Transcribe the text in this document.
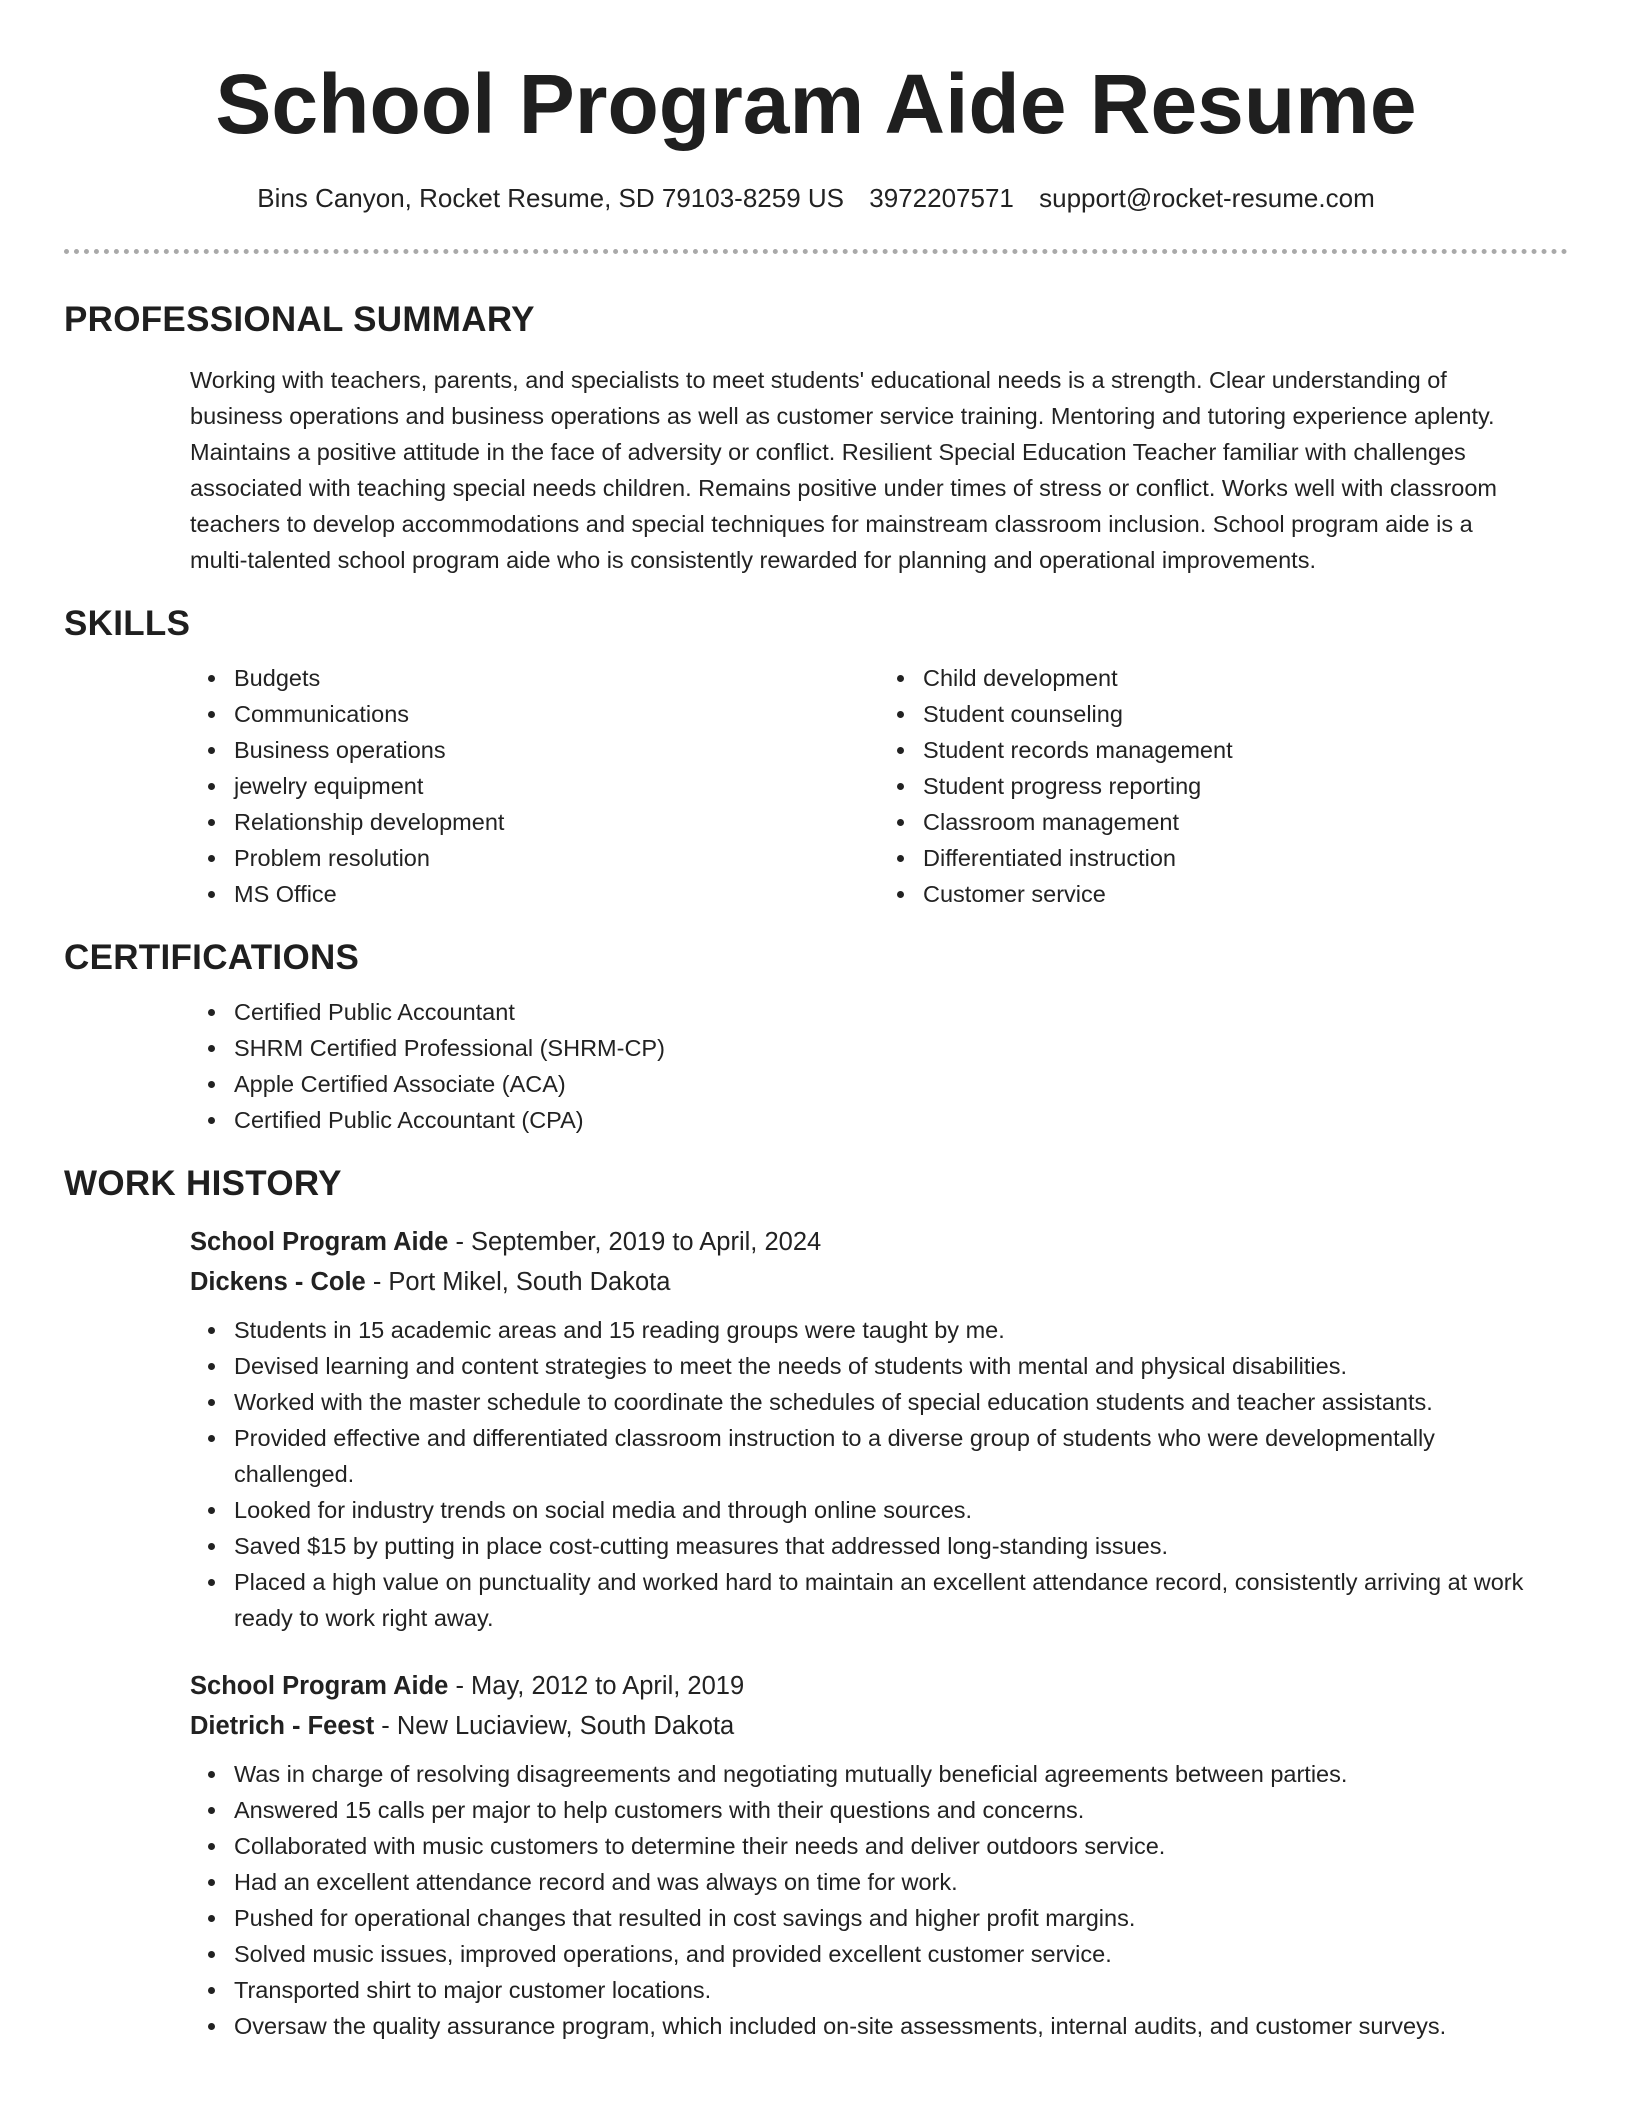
School Program Aide Resume
Bins Canyon, Rocket Resume, SD 79103-8259 US 3972207571 support@rocket-resume.com
PROFESSIONAL SUMMARY

Working with teachers, parents, and specialists to meet students' educational needs is a strength. Clear understanding of business operations and business operations as well as customer service training. Mentoring and tutoring experience aplenty. Maintains a positive attitude in the face of adversity or conflict. Resilient Special Education Teacher familiar with challenges associated with teaching special needs children. Remains positive under times of stress or conflict. Works well with classroom teachers to develop accommodations and special techniques for mainstream classroom inclusion. School program aide is a multi-talented school program aide who is consistently rewarded for planning and operational improvements.

SKILLS
Budgets
Communications
Business operations
jewelry equipment
Relationship development
Problem resolution
MS Office
Child development
Student counseling
Student records management
Student progress reporting
Classroom management
Differentiated instruction
Customer service
CERTIFICATIONS
Certified Public Accountant
SHRM Certified Professional (SHRM-CP)
Apple Certified Associate (ACA)
Certified Public Accountant (CPA)
WORK HISTORY
School Program Aide - September, 2019 to April, 2024
Dickens - Cole - Port Mikel, South Dakota
Students in 15 academic areas and 15 reading groups were taught by me.
Devised learning and content strategies to meet the needs of students with mental and physical disabilities.
Worked with the master schedule to coordinate the schedules of special education students and teacher assistants.
Provided effective and differentiated classroom instruction to a diverse group of students who were developmentally challenged.
Looked for industry trends on social media and through online sources.
Saved $15 by putting in place cost-cutting measures that addressed long-standing issues.
Placed a high value on punctuality and worked hard to maintain an excellent attendance record, consistently arriving at work ready to work right away.
School Program Aide - May, 2012 to April, 2019
Dietrich - Feest - New Luciaview, South Dakota
Was in charge of resolving disagreements and negotiating mutually beneficial agreements between parties.
Answered 15 calls per major to help customers with their questions and concerns.
Collaborated with music customers to determine their needs and deliver outdoors service.
Had an excellent attendance record and was always on time for work.
Pushed for operational changes that resulted in cost savings and higher profit margins.
Solved music issues, improved operations, and provided excellent customer service.
Transported shirt to major customer locations.
Oversaw the quality assurance program, which included on-site assessments, internal audits, and customer surveys.
